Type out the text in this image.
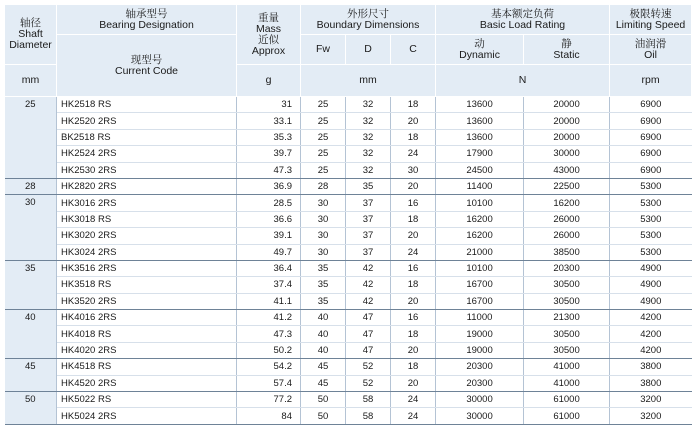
轴径
Shaft
Diameter	轴承型号
Bearing Designation	重量
Mass
近似
Approx	外形尺寸
Boundary Dimensions			基本额定负荷
Basic Load Rating		极限转速
Limiting Speed

	现型号
Current Code		Fw	D	C	动
Dynamic	静
Static	油润滑
Oil

mm		g	mm			N		rpm
25	HK2518 RS	31	25	32	18	13600	20000	6900
	HK2520 2RS	33.1	25	32	20	13600	20000	6900
	BK2518 RS	35.3	25	32	18	13600	20000	6900
	HK2524 2RS	39.7	25	32	24	17900	30000	6900
	HK2530 2RS	47.3	25	32	30	24500	43000	6900
28	HK2820 2RS	36.9	28	35	20	11400	22500	5300
30	HK3016 2RS	28.5	30	37	16	10100	16200	5300
	HK3018 RS	36.6	30	37	18	16200	26000	5300
	HK3020 2RS	39.1	30	37	20	16200	26000	5300
	HK3024 2RS	49.7	30	37	24	21000	38500	5300
35	HK3516 2RS	36.4	35	42	16	10100	20300	4900
	HK3518 RS	37.4	35	42	18	16700	30500	4900
	HK3520 2RS	41.1	35	42	20	16700	30500	4900
40	HK4016 2RS	41.2	40	47	16	11000	21300	4200
	HK4018 RS	47.3	40	47	18	19000	30500	4200
	HK4020 2RS	50.2	40	47	20	19000	30500	4200
45	HK4518 RS	54.2	45	52	18	20300	41000	3800
	HK4520 2RS	57.4	45	52	20	20300	41000	3800
50	HK5022 RS	77.2	50	58	24	30000	61000	3200
	HK5024 2RS	84	50	58	24	30000	61000	3200
